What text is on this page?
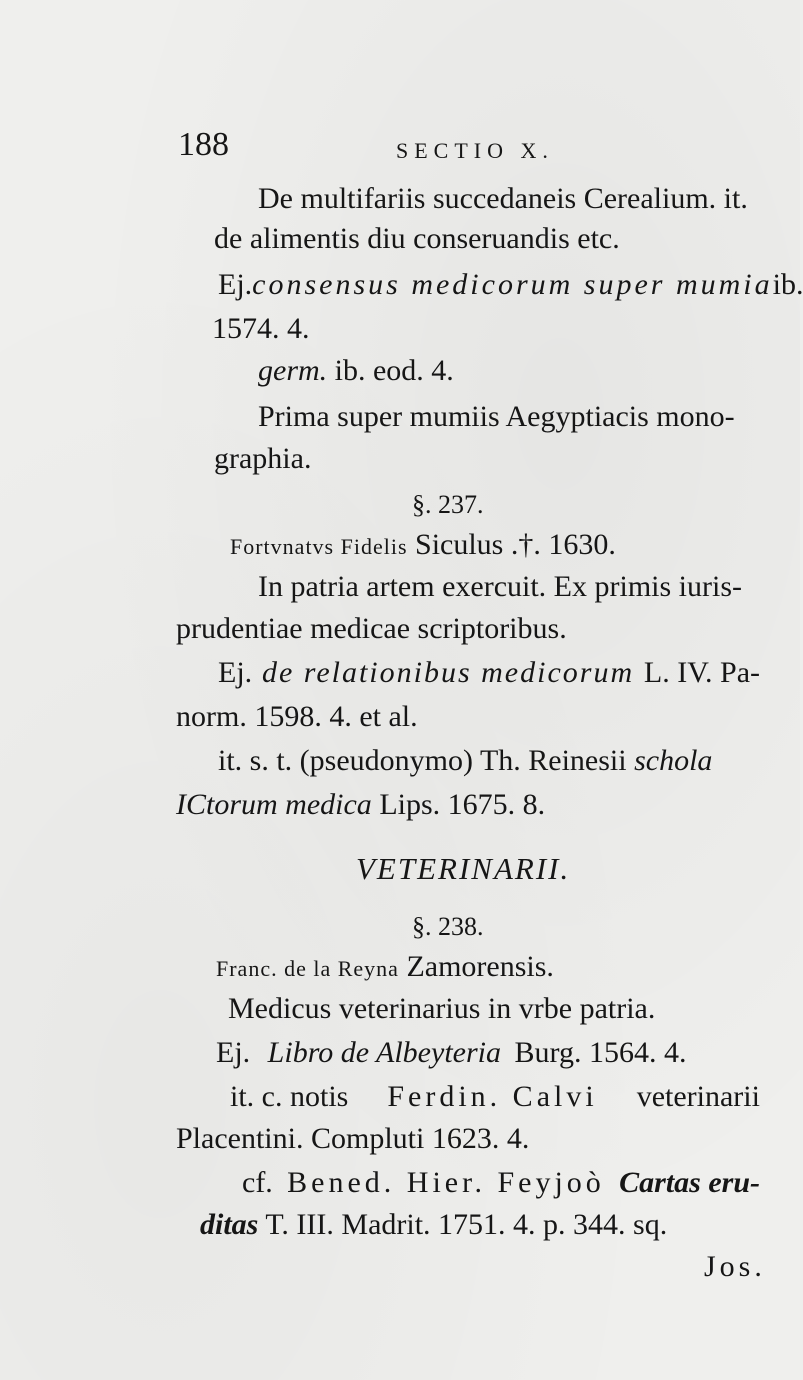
188	SECTIO X.
De multifariis succedaneis Cerealium. it.
de alimentis diu conseruandis etc.
Ej. consensus medicorum super mumia ib.
1574. 4.
germ. ib. eod. 4.
Prima super mumiis Aegyptiacis mono-
graphia.
§. 237.
Fortvnatvs Fidelis Siculus .†. 1630.
In patria artem exercuit. Ex primis iuris-
prudentiae medicae scriptoribus.
Ej. de relationibus medicorum L. IV. Pa-
norm. 1598. 4. et al.
it. s. t. (pseudonymo) Th. Reinesii schola
ICtorum medica Lips. 1675. 8.
VETERINARII.
§. 238.
Franc. de la Reyna Zamorensis.
Medicus veterinarius in vrbe patria.
Ej. Libro de Albeyteria Burg. 1564. 4.
it. c. notis Ferdin. Calvi veterinarii
Placentini. Compluti 1623. 4.
cf. Bened. Hier. Feyjoò Cartas eru-
ditas T. III. Madrit. 1751. 4. p. 344. sq.
Jos.
